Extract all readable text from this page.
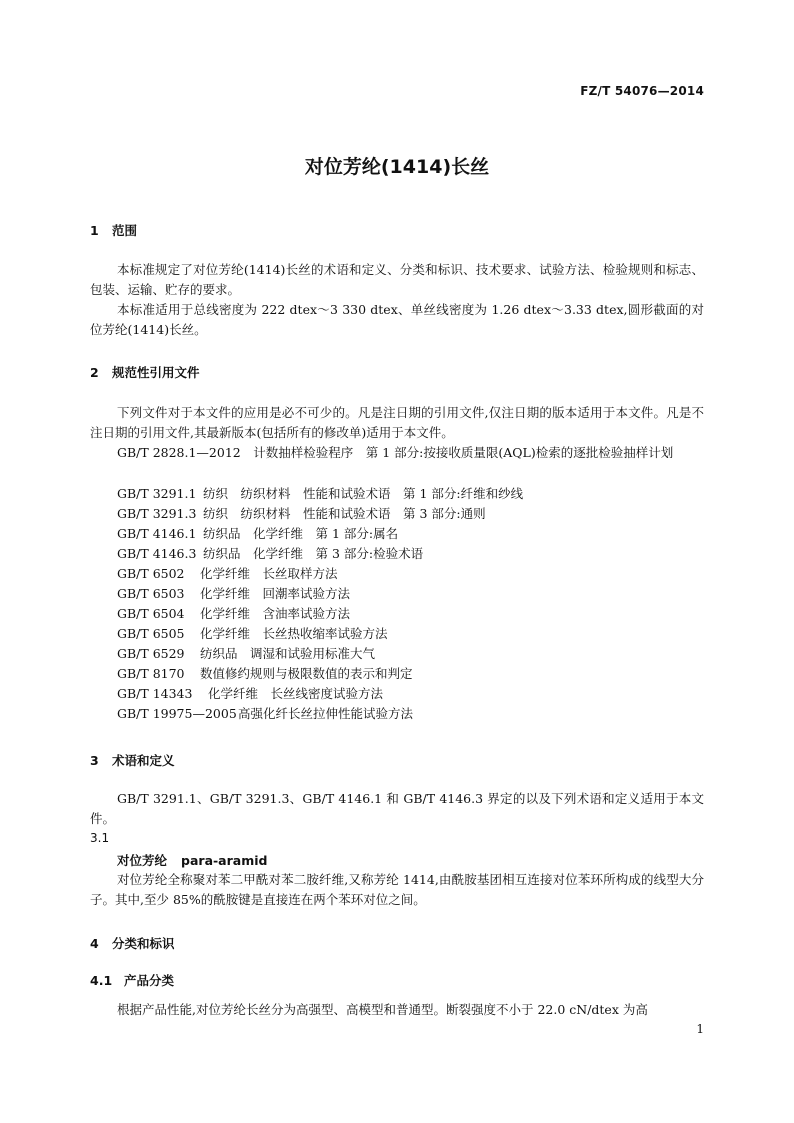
FZ/T 54076—2014
对位芳纶(1414)长丝
1 范围
本标准规定了对位芳纶(1414)长丝的术语和定义、分类和标识、技术要求、试验方法、检验规则和标志、包装、运输、贮存的要求。
本标准适用于总线密度为 222 dtex～3 330 dtex、单丝线密度为 1.26 dtex～3.33 dtex,圆形截面的对位芳纶(1414)长丝。
2 规范性引用文件
下列文件对于本文件的应用是必不可少的。凡是注日期的引用文件,仅注日期的版本适用于本文件。凡是不注日期的引用文件,其最新版本(包括所有的修改单)适用于本文件。
GB/T 2828.1—2012　 计数抽样检验程序　第 1 部分:按接收质量限(AQL)检索的逐批检验抽样计划
GB/T 3291.1 纺织　纺织材料　性能和试验术语　第 1 部分:纤维和纱线
GB/T 3291.3 纺织　纺织材料　性能和试验术语　第 3 部分:通则
GB/T 4146.1 纺织品　化学纤维　第 1 部分:属名
GB/T 4146.3 纺织品　化学纤维　第 3 部分:检验术语
GB/T 6502 化学纤维　长丝取样方法
GB/T 6503 化学纤维　回潮率试验方法
GB/T 6504 化学纤维　含油率试验方法
GB/T 6505 化学纤维　长丝热收缩率试验方法
GB/T 6529 纺织品　调湿和试验用标准大气
GB/T 8170 数值修约规则与极限数值的表示和判定
GB/T 14343 化学纤维　长丝线密度试验方法
GB/T 19975—2005高强化纤长丝拉伸性能试验方法
3 术语和定义
GB/T 3291.1、GB/T 3291.3、GB/T 4146.1 和 GB/T 4146.3 界定的以及下列术语和定义适用于本文件。
3.1
对位芳纶 para-aramid
对位芳纶全称聚对苯二甲酰对苯二胺纤维,又称芳纶 1414,由酰胺基团相互连接对位苯环所构成的线型大分子。其中,至少 85%的酰胺键是直接连在两个苯环对位之间。
4 分类和标识
4.1 产品分类
根据产品性能,对位芳纶长丝分为高强型、高模型和普通型。断裂强度不小于 22.0 cN/dtex 为高
1
